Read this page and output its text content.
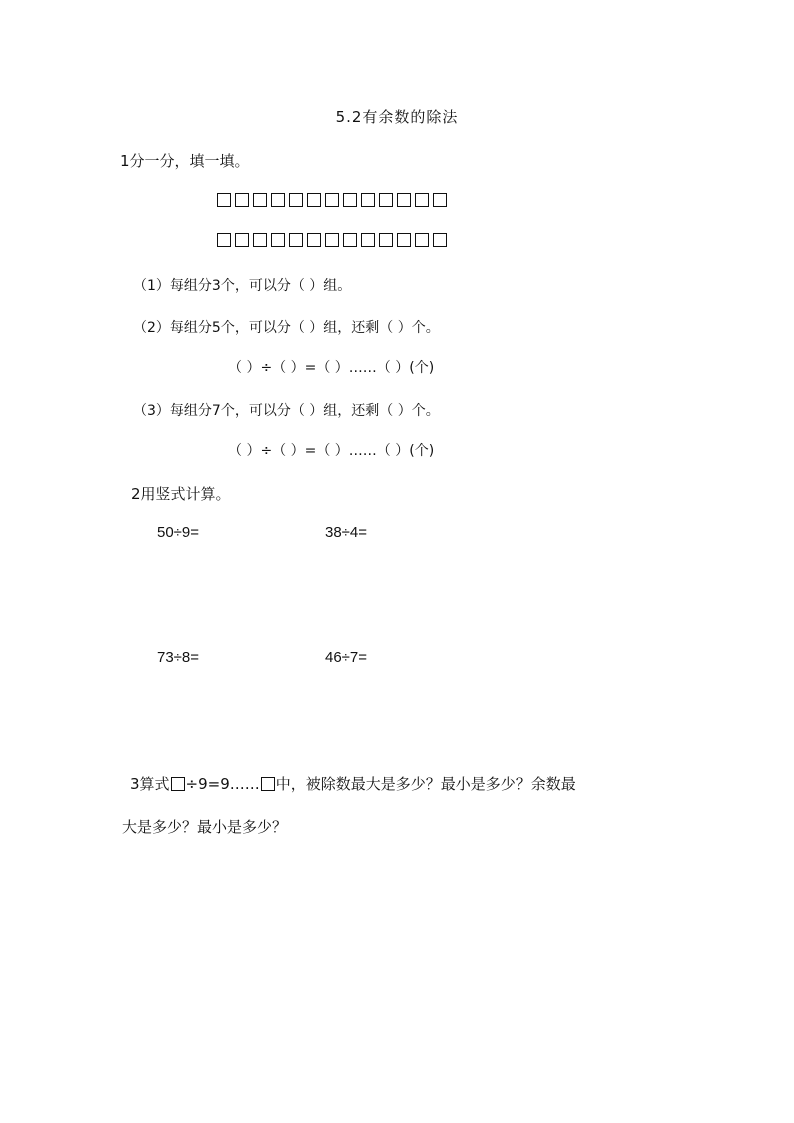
5.2有余数的除法
1分一分，填一填。
（1）每组分3个，可以分（ ）组。
（2）每组分5个，可以分（ ）组，还剩（ ）个。
（ ）÷（ ）=（ ）……（ ）(个)
（3）每组分7个，可以分（ ）组，还剩（ ）个。
（ ）÷（ ）=（ ）……（ ）(个)
2用竖式计算。
50÷9=	38÷4=
73÷8=	46÷7=
3算式 ÷9=9…… 中，被除数最大是多少？最小是多少？余数最
大是多少？最小是多少？
